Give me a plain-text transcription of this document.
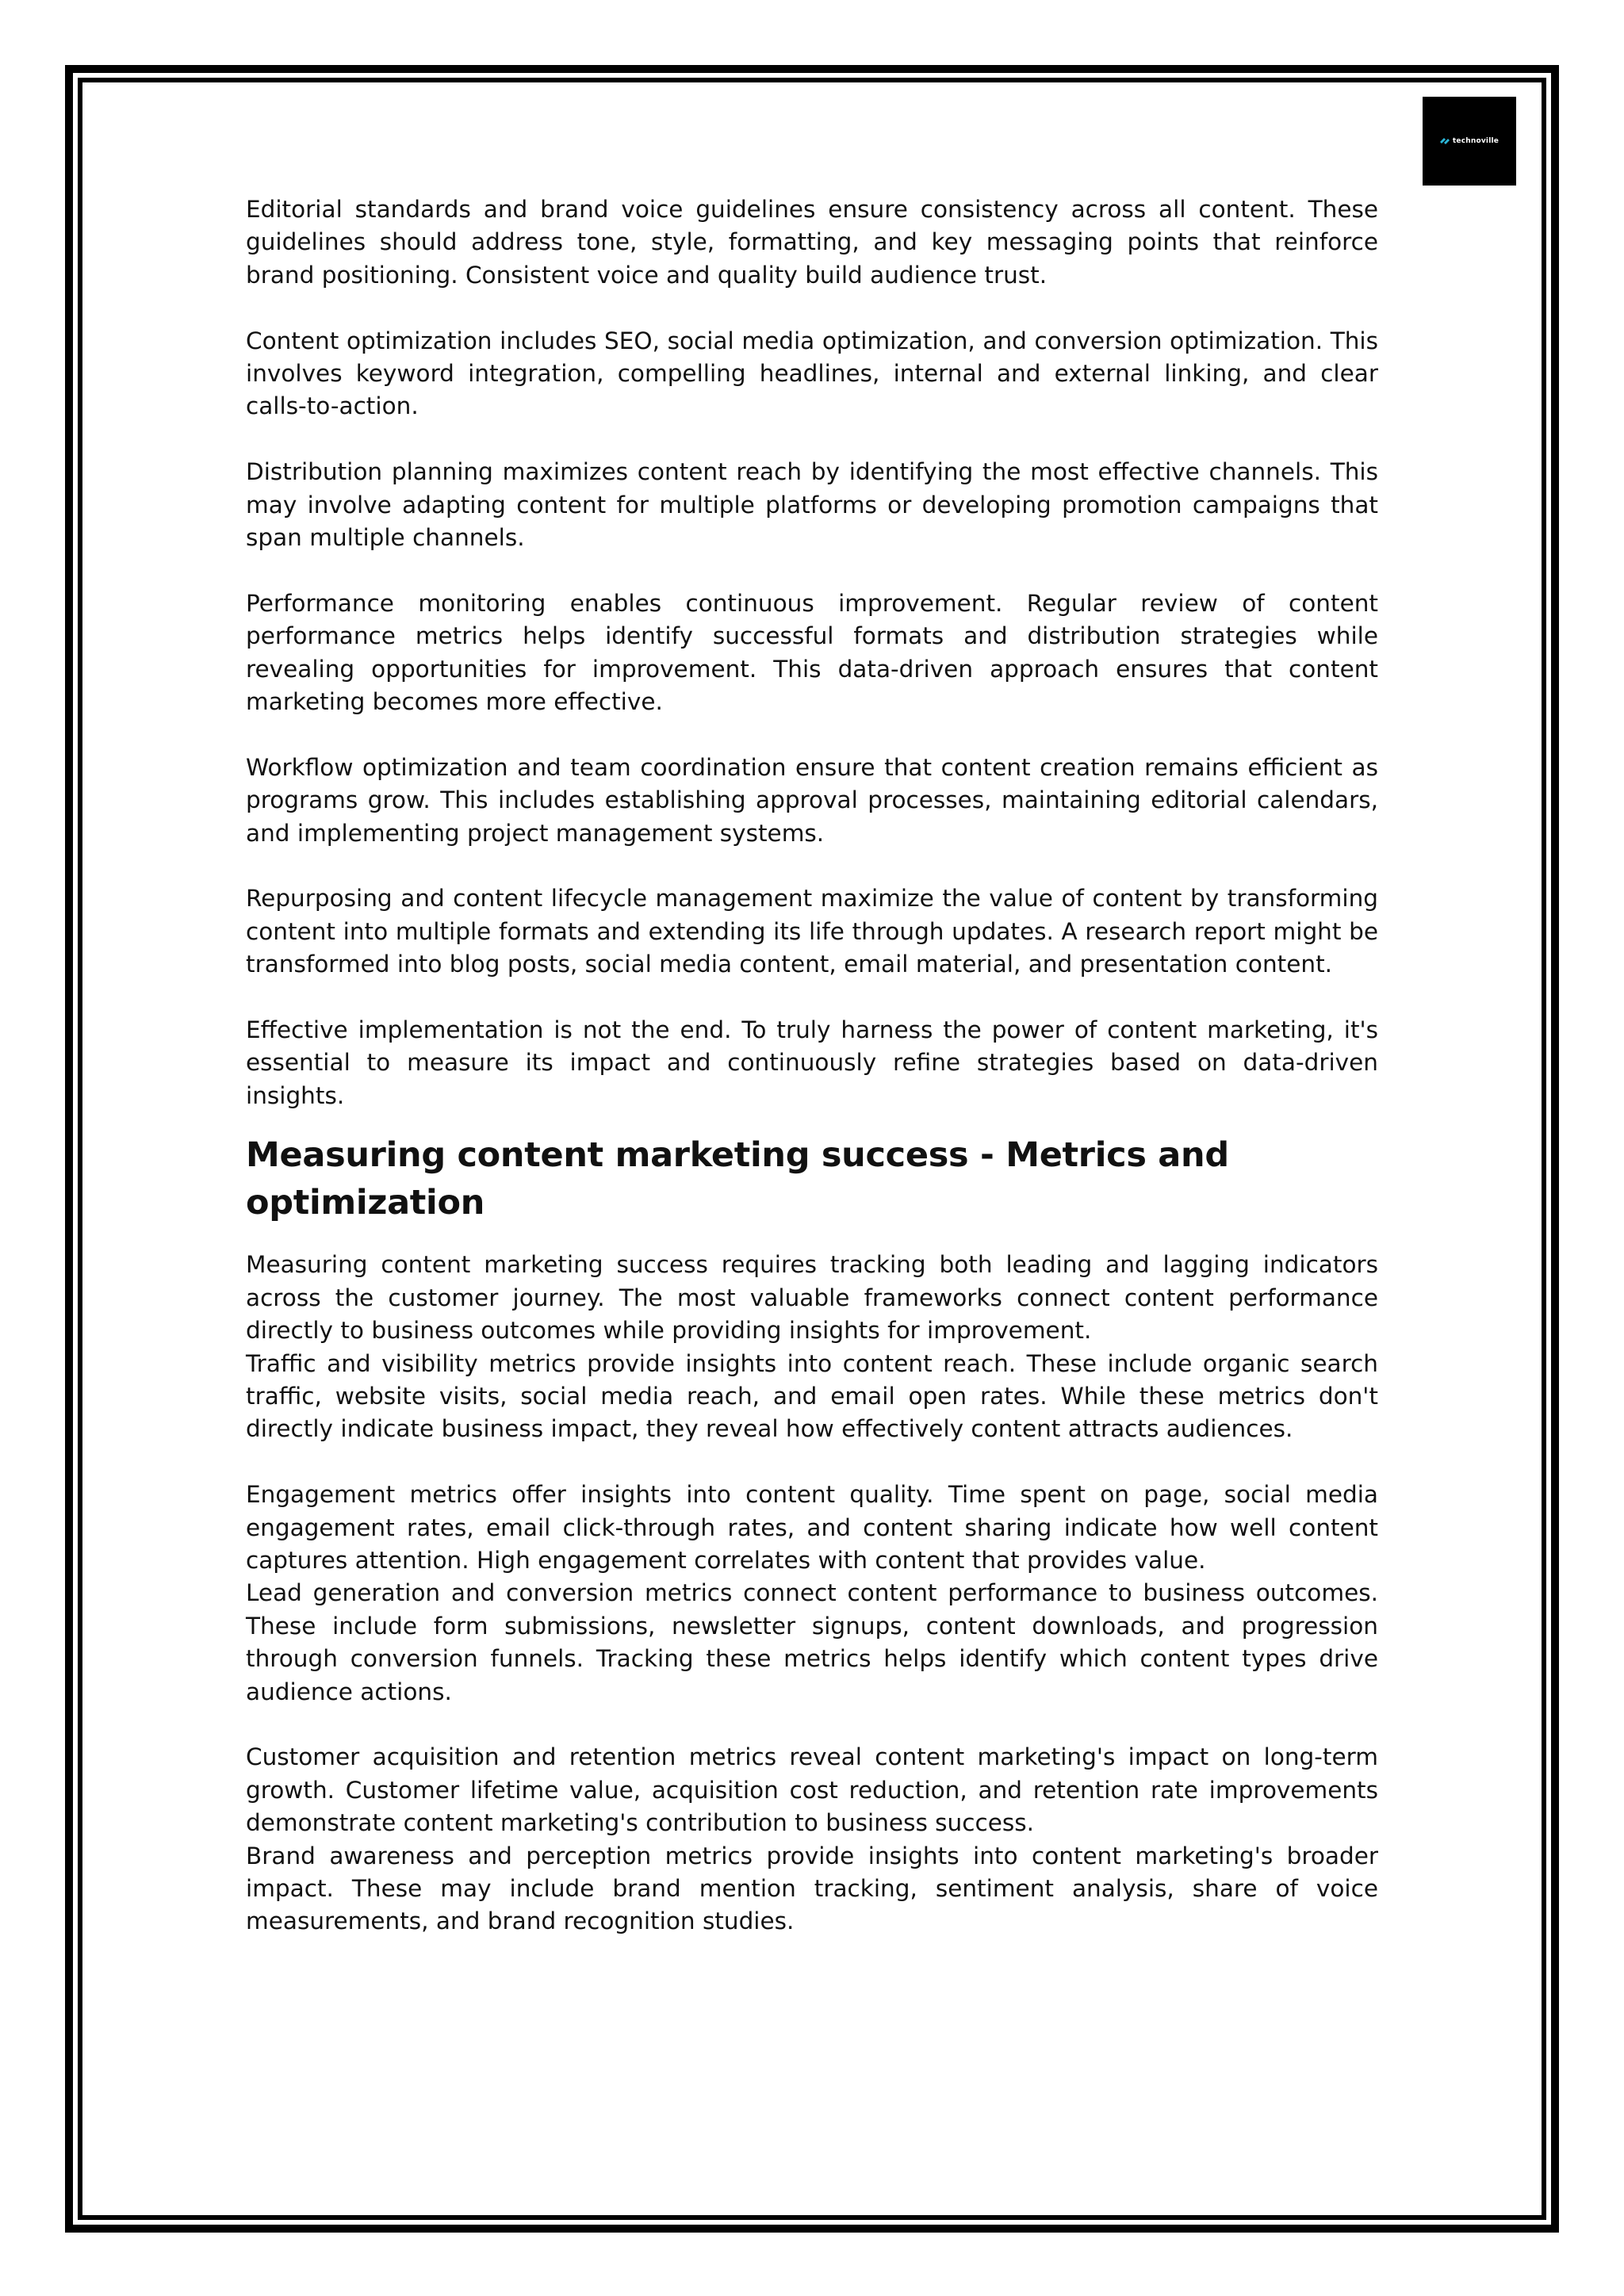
technoville

Editorial standards and brand voice guidelines ensure consistency across all content. These guidelines should address tone, style, formatting, and key messaging points that reinforce brand positioning. Consistent voice and quality build audience trust.

Content optimization includes SEO, social media optimization, and conversion optimization. This involves keyword integration, compelling headlines, internal and external linking, and clear calls-to-action.

Distribution planning maximizes content reach by identifying the most effective channels. This may involve adapting content for multiple platforms or developing promotion campaigns that span multiple channels.

Performance monitoring enables continuous improvement. Regular review of content performance metrics helps identify successful formats and distribution strategies while revealing opportunities for improvement. This data-driven approach ensures that content marketing becomes more effective.

Workflow optimization and team coordination ensure that content creation remains efficient as programs grow. This includes establishing approval processes, maintaining editorial calendars, and implementing project management systems.

Repurposing and content lifecycle management maximize the value of content by transforming content into multiple formats and extending its life through updates. A research report might be transformed into blog posts, social media content, email material, and presentation content.

Effective implementation is not the end. To truly harness the power of content marketing, it's essential to measure its impact and continuously refine strategies based on data-driven insights.

Measuring content marketing success - Metrics and optimization

Measuring content marketing success requires tracking both leading and lagging indicators across the customer journey. The most valuable frameworks connect content performance directly to business outcomes while providing insights for improvement.

Traffic and visibility metrics provide insights into content reach. These include organic search traffic, website visits, social media reach, and email open rates. While these metrics don't directly indicate business impact, they reveal how effectively content attracts audiences.

Engagement metrics offer insights into content quality. Time spent on page, social media engagement rates, email click-through rates, and content sharing indicate how well content captures attention. High engagement correlates with content that provides value.

Lead generation and conversion metrics connect content performance to business outcomes. These include form submissions, newsletter signups, content downloads, and progression through conversion funnels. Tracking these metrics helps identify which content types drive audience actions.

Customer acquisition and retention metrics reveal content marketing's impact on long-term growth. Customer lifetime value, acquisition cost reduction, and retention rate improvements demonstrate content marketing's contribution to business success.

Brand awareness and perception metrics provide insights into content marketing's broader impact. These may include brand mention tracking, sentiment analysis, share of voice measurements, and brand recognition studies.
